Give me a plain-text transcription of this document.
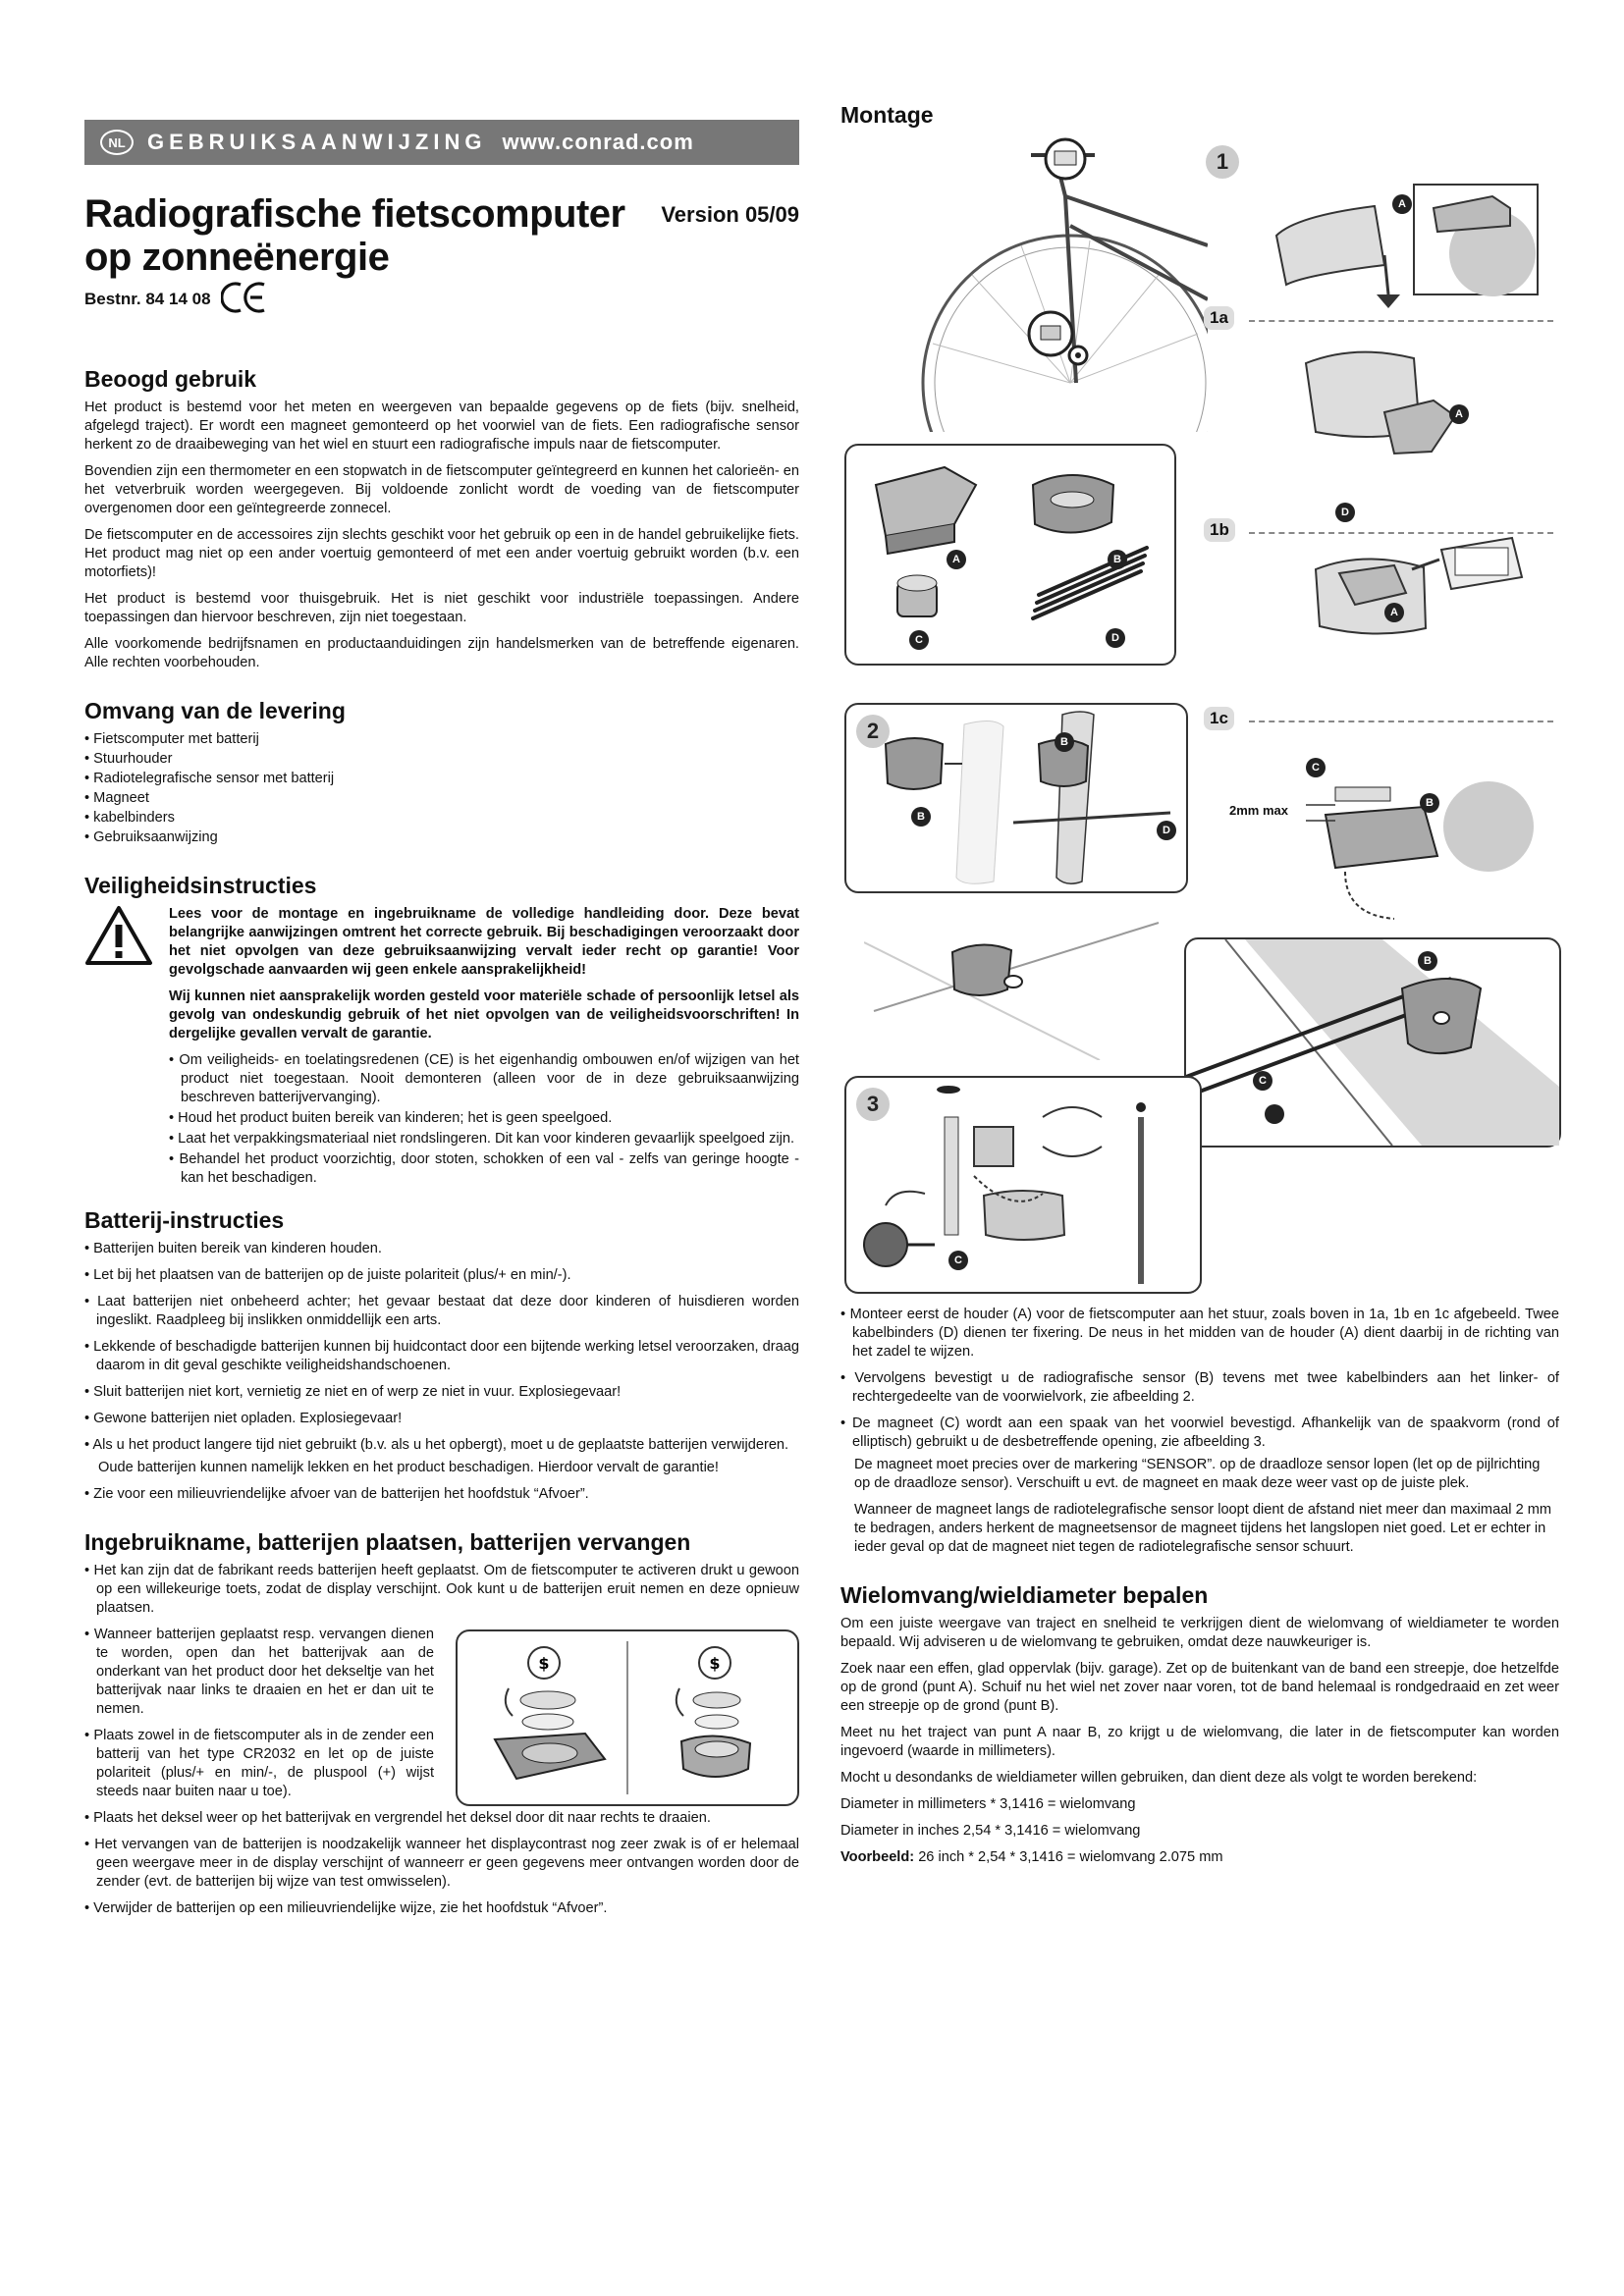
NL	GEBRUIKSAANWIJZING www.conrad.com
Radiografische fietscomputer
op zonneënergie
Version 05/09
Bestnr. 84 14 08
Beoogd gebruik

Het product is bestemd voor het meten en weergeven van bepaalde gegevens op de fiets (bijv. snelheid, afgelegd traject). Er wordt een magneet gemonteerd op het voorwiel van de fiets. Een radiografische sensor herkent zo de draaibeweging van het wiel en stuurt een radiografische impuls naar de fietscomputer.

Bovendien zijn een thermometer en een stopwatch in de fietscomputer geïntegreerd en kunnen het calorieën- en het vetverbruik worden weergegeven. Bij voldoende zonlicht wordt de voeding van de fietscomputer overgenomen door een geïntegreerde zonnecel.

De fietscomputer en de accessoires zijn slechts geschikt voor het gebruik op een in de handel gebruikelijke fiets. Het product mag niet op een ander voertuig gemonteerd of met een ander voertuig gebruikt worden (b.v. een motorfiets)!

Het product is bestemd voor thuisgebruik. Het is niet geschikt voor industriële toepassingen. Andere toepassingen dan hiervoor beschreven, zijn niet toegestaan.

Alle voorkomende bedrijfsnamen en productaanduidingen zijn handelsmerken van de betreffende eigenaren. Alle rechten voorbehouden.

Omvang van de levering
• Fietscomputer met batterij
• Stuurhouder
• Radiotelegrafische sensor met batterij
• Magneet
• kabelbinders
• Gebruiksaanwijzing
Veiligheidsinstructies

Lees voor de montage en ingebruikname de volledige handleiding door. Deze bevat belangrijke aanwijzingen omtrent het correcte gebruik. Bij beschadigingen veroorzaakt door het niet opvolgen van deze gebruiksaanwijzing vervalt ieder recht op garantie! Voor gevolgschade aanvaarden wij geen enkele aansprakelijkheid!

Wij kunnen niet aansprakelijk worden gesteld voor materiële schade of persoonlijk letsel als gevolg van ondeskundig gebruik of het niet opvolgen van de veiligheidsvoorschriften! In dergelijke gevallen vervalt de garantie.

• Om veiligheids- en toelatingsredenen (CE) is het eigenhandig ombouwen en/of wijzigen van het product niet toegestaan. Nooit demonteren (alleen voor de in deze gebruiksaanwijzing beschreven batterijvervanging).
• Houd het product buiten bereik van kinderen; het is geen speelgoed.
• Laat het verpakkingsmateriaal niet rondslingeren. Dit kan voor kinderen gevaarlijk speelgoed zijn.
• Behandel het product voorzichtig, door stoten, schokken of een val - zelfs van geringe hoogte - kan het beschadigen.
Batterij-instructies
• Batterijen buiten bereik van kinderen houden.
• Let bij het plaatsen van de batterijen op de juiste polariteit (plus/+ en min/-).
• Laat batterijen niet onbeheerd achter; het gevaar bestaat dat deze door kinderen of huisdieren worden ingeslikt. Raadpleeg bij inslikken onmiddellijk een arts.
• Lekkende of beschadigde batterijen kunnen bij huidcontact door een bijtende werking letsel veroorzaken, draag daarom in dit geval geschikte veiligheidshandschoenen.
• Sluit batterijen niet kort, vernietig ze niet en of werp ze niet in vuur. Explosiegevaar!
• Gewone batterijen niet opladen. Explosiegevaar!
• Als u het product langere tijd niet gebruikt (b.v. als u het opbergt), moet u de geplaatste batterijen verwijderen.
Oude batterijen kunnen namelijk lekken en het product beschadigen. Hierdoor vervalt de garantie!
• Zie voor een milieuvriendelijke afvoer van de batterijen het hoofdstuk “Afvoer”.
Ingebruikname, batterijen plaatsen, batterijen vervangen
• Het kan zijn dat de fabrikant reeds batterijen heeft geplaatst. Om de fietscomputer te activeren drukt u gewoon op een willekeurige toets, zodat de display verschijnt. Ook kunt u de batterijen eruit nemen en deze opnieuw plaatsen.
$	$
• Wanneer batterijen geplaatst resp. vervangen dienen te worden, open dan het batterijvak aan de onderkant van het product door het dekseltje van het batterijvak naar links te draaien en het er dan uit te nemen.
• Plaats zowel in de fietscomputer als in de zender een batterij van het type CR2032 en let op de juiste polariteit (plus/+ en min/-, de pluspool (+) wijst steeds naar buiten naar u toe).
• Plaats het deksel weer op het batterijvak en vergrendel het deksel door dit naar rechts te draaien.
• Het vervangen van de batterijen is noodzakelijk wanneer het displaycontrast nog zeer zwak is of er helemaal geen weergave meer in de display verschijnt of wanneerr er geen gegevens meer ontvangen worden door de zender (evt. de batterijen bij wijze van test omwisselen).
• Verwijder de batterijen op een milieuvriendelijke wijze, zie het hoofdstuk “Afvoer”.
Montage
A	B
C	D
1
1a
1b
A
A
D
A
2	B
B
D
1c
2mm max
C
B
B
C
3
C
• Monteer eerst de houder (A) voor de fietscomputer aan het stuur, zoals boven in 1a, 1b en 1c afgebeeld. Twee kabelbinders (D) dienen ter fixering. De neus in het midden van de houder (A) dient daarbij in de richting van het zadel te wijzen.
• Vervolgens bevestigt u de radiografische sensor (B) tevens met twee kabelbinders aan het linker- of rechtergedeelte van de voorwielvork, zie afbeelding 2.
• De magneet (C) wordt aan een spaak van het voorwiel bevestigd. Afhankelijk van de spaakvorm (rond of elliptisch) gebruikt u de desbetreffende opening, zie afbeelding 3.
De magneet moet precies over de markering “SENSOR”. op de draadloze sensor lopen (let op de pijlrichting op de draadloze sensor). Verschuift u evt. de magneet en maak deze weer vast op de juiste plek.
Wanneer de magneet langs de radiotelegrafische sensor loopt dient de afstand niet meer dan maximaal 2 mm te bedragen, anders herkent de magneetsensor de magneet tijdens het langslopen niet goed. Let er echter in ieder geval op dat de magneet niet tegen de radiotelegrafische sensor schuurt.
Wielomvang/wieldiameter bepalen

Om een juiste weergave van traject en snelheid te verkrijgen dient de wielomvang of wieldiameter te worden bepaald. Wij adviseren u de wielomvang te gebruiken, omdat deze nauwkeuriger is.

Zoek naar een effen, glad oppervlak (bijv. garage). Zet op de buitenkant van de band een streepje, doe hetzelfde op de grond (punt A). Schuif nu het wiel net zover naar voren, tot de band helemaal is rondgedraaid en zet weer een streepje op de grond (punt B).

Meet nu het traject van punt A naar B, zo krijgt u de wielomvang, die later in de fietscomputer kan worden ingevoerd (waarde in millimeters).

Mocht u desondanks de wieldiameter willen gebruiken, dan dient deze als volgt te worden berekend:

Diameter in millimeters * 3,1416 = wielomvang

Diameter in inches 2,54 * 3,1416 = wielomvang

Voorbeeld: 26 inch * 2,54 * 3,1416 = wielomvang 2.075 mm
